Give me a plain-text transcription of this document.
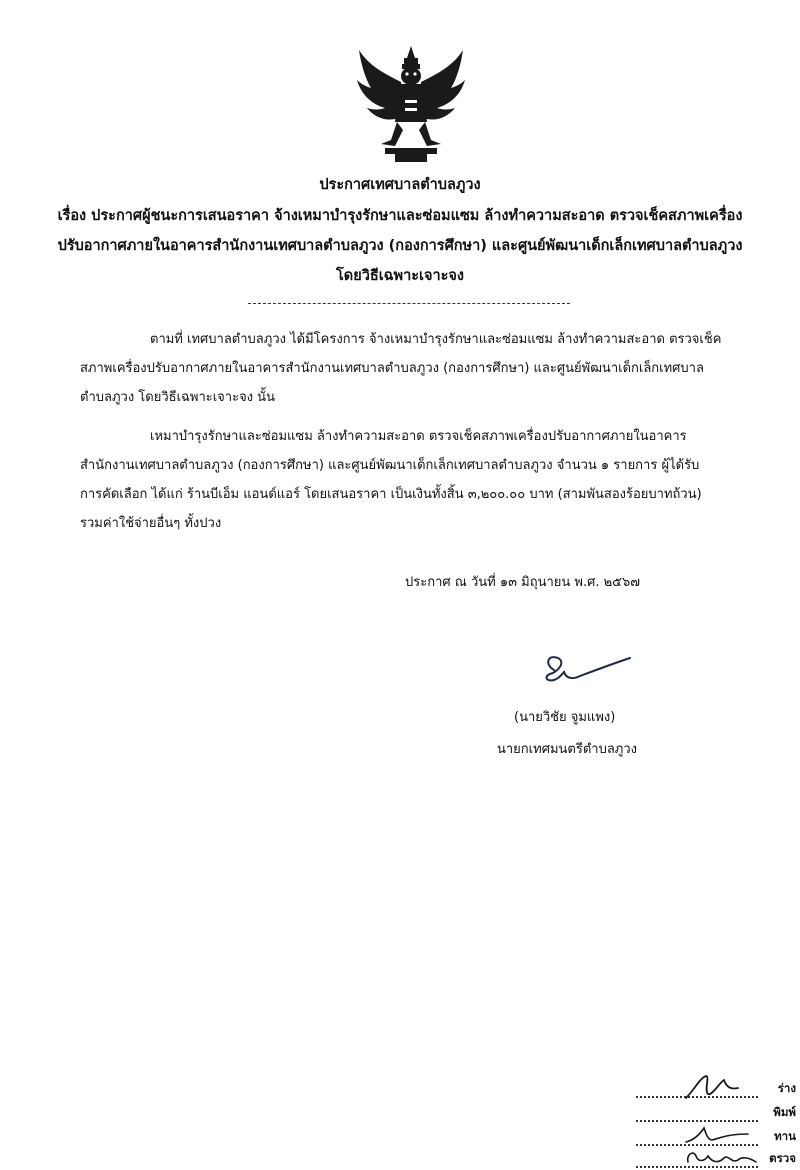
ประกาศเทศบาลตำบลภูวง
เรื่อง ประกาศผู้ชนะการเสนอราคา จ้างเหมาบำรุงรักษาและซ่อมแซม ล้างทำความสะอาด ตรวจเช็คสภาพเครื่อง
ปรับอากาศภายในอาคารสำนักงานเทศบาลตำบลภูวง (กองการศึกษา) และศูนย์พัฒนาเด็กเล็กเทศบาลตำบลภูวง
โดยวิธีเฉพาะเจาะจง
ตามที่ เทศบาลตำบลภูวง ได้มีโครงการ จ้างเหมาบำรุงรักษาและซ่อมแซม ล้างทำความสะอาด ตรวจเช็ค
สภาพเครื่องปรับอากาศภายในอาคารสำนักงานเทศบาลตำบลภูวง (กองการศึกษา) และศูนย์พัฒนาเด็กเล็กเทศบาล
ตำบลภูวง โดยวิธีเฉพาะเจาะจง นั้น
เหมาบำรุงรักษาและซ่อมแซม ล้างทำความสะอาด ตรวจเช็คสภาพเครื่องปรับอากาศภายในอาคาร
สำนักงานเทศบาลตำบลภูวง (กองการศึกษา) และศูนย์พัฒนาเด็กเล็กเทศบาลตำบลภูวง จำนวน ๑ รายการ ผู้ได้รับ
การคัดเลือก ได้แก่ ร้านบีเอ็ม แอนด์แอร์ โดยเสนอราคา เป็นเงินทั้งสิ้น ๓,๒๐๐.๐๐ บาท (สามพันสองร้อยบาทถ้วน)
รวมค่าใช้จ่ายอื่นๆ ทั้งปวง
ประกาศ ณ วันที่ ๑๓ มิถุนายน พ.ศ. ๒๕๖๗
(นายวิชัย จูมแพง)
นายกเทศมนตรีตำบลภูวง
ร่าง
พิมพ์
ทาน
ตรวจ
